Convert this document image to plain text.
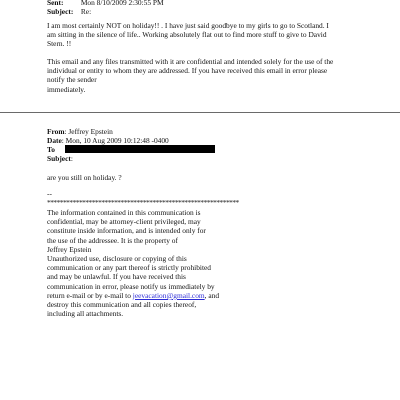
Sent: Mon 8/10/2009 2:30:55 PM
Subject: Re:
I am most certainly NOT on holiday!! . I have just said goodbye to my girls to go to Scotland. I
am sitting in the silence of life.. Working absolutely flat out to find more stuff to give to David
Stern. !!
This email and any files transmitted with it are confidential and intended solely for the use of the
individual or entity to whom they are addressed. If you have received this email in error please
notify the sender
immediately.
From: Jeffrey Epstein
Date: Mon, 10 Aug 2009 10:12:48 -0400
To
Subject:
are you still on holiday. ?
--
************************************************************
The information contained in this communication is
confidential, may be attorney-client privileged, may
constitute inside information, and is intended only for
the use of the addressee. It is the property of
Jeffrey Epstein
Unauthorized use, disclosure or copying of this
communication or any part thereof is strictly prohibited
and may be unlawful. If you have received this
communication in error, please notify us immediately by
return e-mail or by e-mail to jeevacation@gmail.com, and
destroy this communication and all copies thereof,
including all attachments.
